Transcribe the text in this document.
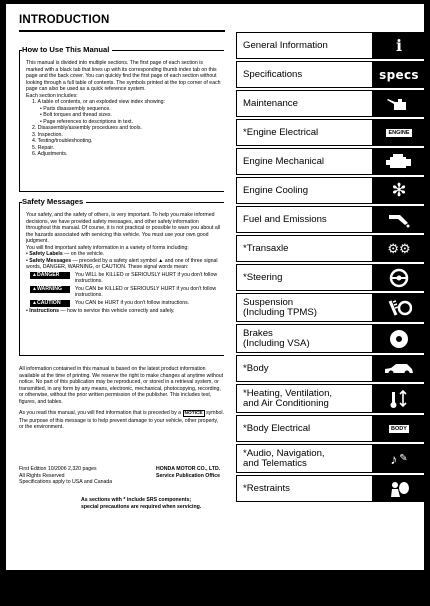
INTRODUCTION
How to Use This Manual

This manual is divided into multiple sections. The first page of each section is marked with a black tab that lines up with its corresponding thumb index tab on this page and the back cover. You can quickly find the first page of each section without looking through a full table of contents. The symbols printed at the top corner of each page can also be used as a quick reference system.

Each section includes:

1. A table of contents, or an exploded view index showing:
• Parts disassembly sequence.
• Bolt torques and thread sizes.
• Page references to descriptions in text.
2. Disassembly/assembly procedures and tools.
3. Inspection.
4. Testing/troubleshooting.
5. Repair.
6. Adjustments.
Safety Messages

Your safety, and the safety of others, is very important. To help you make informed decisions, we have provided safety messages, and other safety information throughout this manual. Of course, it is not practical or possible to warn you about all the hazards associated with servicing this vehicle. You must use your own good judgment.

You will find important safety information in a variety of forms including:

• Safety Labels — on the vehicle.
• Safety Messages — preceded by a safety alert symbol ▲ and one of three signal words, DANGER, WARNING, or CAUTION. These signal words mean:
▲DANGER	You WILL be KILLED or SERIOUSLY HURT if you don't follow instructions.
▲WARNING	You CAN be KILLED or SERIOUSLY HURT if you don't follow instructions.
▲CAUTION	You CAN be HURT if you don't follow instructions.
• Instructions — how to service this vehicle correctly and safely.

All information contained in this manual is based on the latest product information available at the time of printing. We reserve the right to make changes at anytime without notice. No part of this publication may be reproduced, or stored in a retrieval system, or transmitted, in any form by any means, electronic, mechanical, photocopying, recording, or otherwise, without the prior written permission of the publisher. This includes text, figures, and tables.

As you read this manual, you will find information that is preceded by a NOTICE symbol. The purpose of this message is to help prevent damage to your vehicle, other property, or the environment.

First Edition 10/2006 2,320 pages
All Rights Reserved
Specifications apply to USA and Canada
HONDA MOTOR CO., LTD.
Service Publication Office
As sections with * include SRS components;
special precautions are required when servicing.
General Information	i
Specifications	specs
Maintenance
*Engine Electrical	ENGINE
Engine Mechanical
Engine Cooling	✻
Fuel and Emissions
*Transaxle	⚙⚙
*Steering
Suspension
(Including TPMS)
Brakes
(Including VSA)
*Body
*Heating, Ventilation,
and Air Conditioning
*Body Electrical	BODY
*Audio, Navigation,
and Telematics	♪ ✎
*Restraints
